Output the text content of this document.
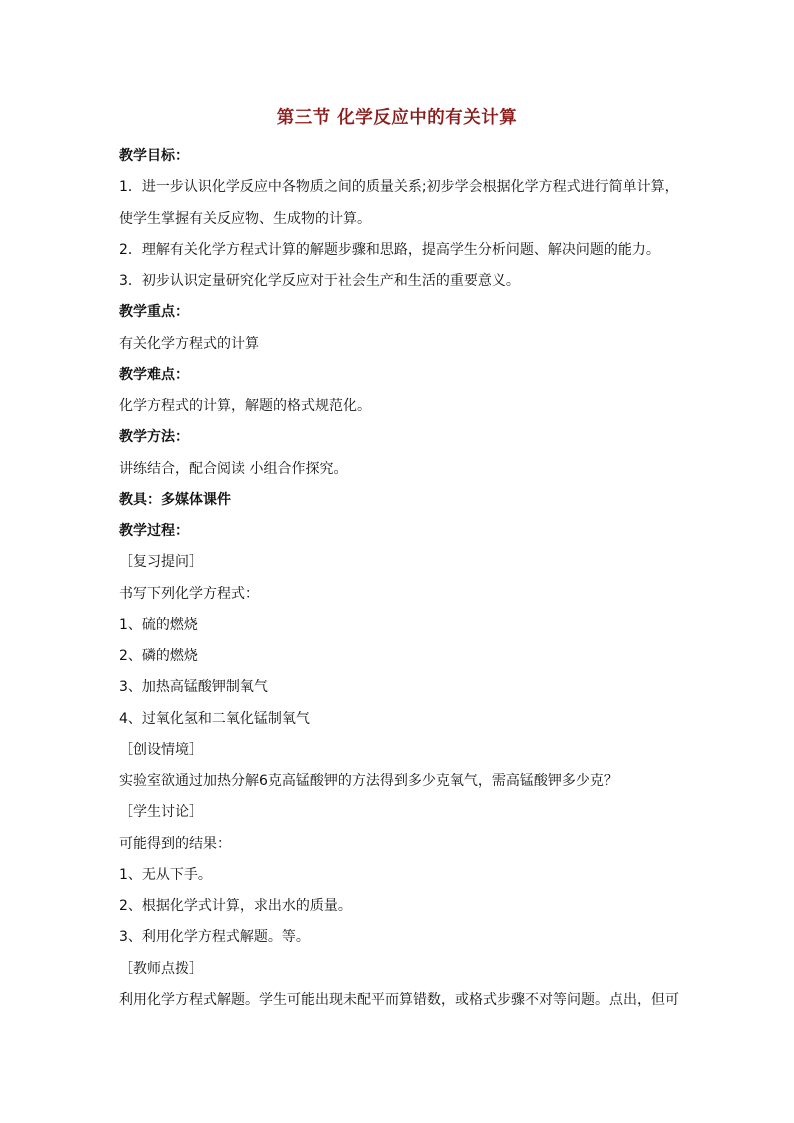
第三节 化学反应中的有关计算
教学目标：
1．进一步认识化学反应中各物质之间的质量关系;初步学会根据化学方程式进行简单计算，
使学生掌握有关反应物、生成物的计算。
2．理解有关化学方程式计算的解题步骤和思路，提高学生分析问题、解决问题的能力。
3．初步认识定量研究化学反应对于社会生产和生活的重要意义。
教学重点：
有关化学方程式的计算
教学难点：
化学方程式的计算，解题的格式规范化。
教学方法：
讲练结合，配合阅读 小组合作探究。
教具：多媒体课件
教学过程：
［复习提问］
书写下列化学方程式：
1、硫的燃烧
2、磷的燃烧
3、加热高锰酸钾制氧气
4、过氧化氢和二氧化锰制氧气
［创设情境］
实验室欲通过加热分解6克高锰酸钾的方法得到多少克氧气，需高锰酸钾多少克？
［学生讨论］
可能得到的结果：
1、无从下手。
2、根据化学式计算，求出水的质量。
3、利用化学方程式解题。等。
［教师点拨］
利用化学方程式解题。学生可能出现未配平而算错数，或格式步骤不对等问题。点出，但可
